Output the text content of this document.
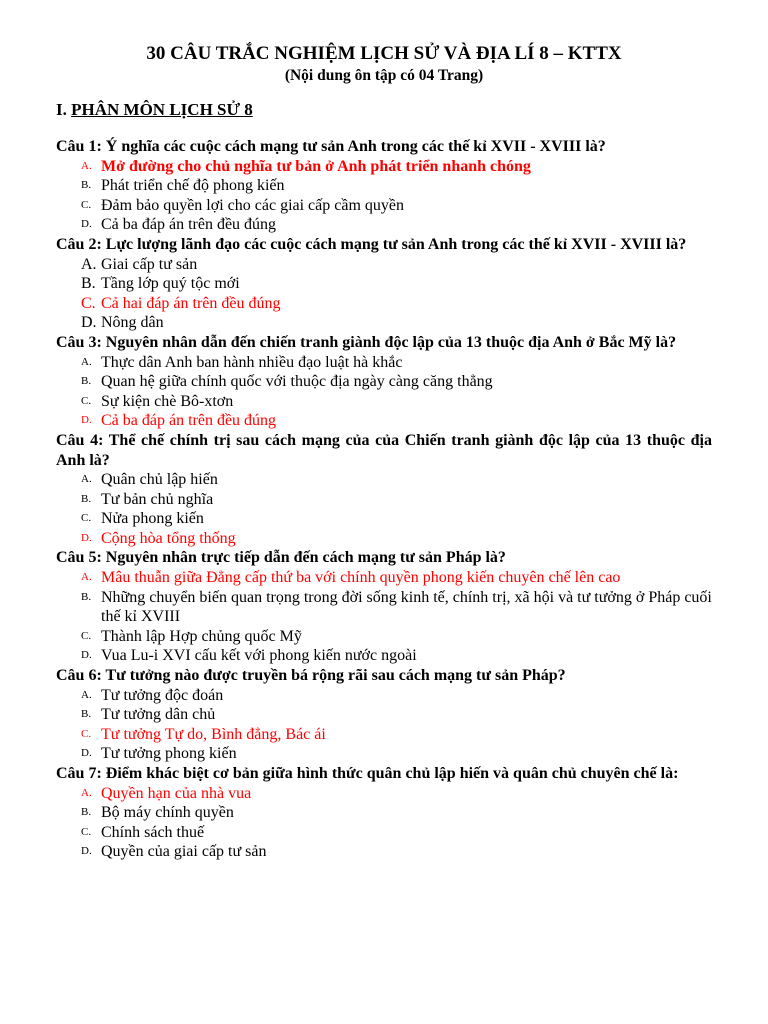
30 CÂU TRẮC NGHIỆM LỊCH SỬ VÀ ĐỊA LÍ 8 – KTTX
(Nội dung ôn tập có 04 Trang)
I. PHÂN MÔN LỊCH SỬ 8
Câu 1: Ý nghĩa các cuộc cách mạng tư sản Anh trong các thế kỉ XVII - XVIII là?
A. Mở đường cho chủ nghĩa tư bản ở Anh phát triển nhanh chóng
B. Phát triển chế độ phong kiến
C. Đảm bảo quyền lợi cho các giai cấp cầm quyền
D. Cả ba đáp án trên đều đúng
Câu 2: Lực lượng lãnh đạo các cuộc cách mạng tư sản Anh trong các thế kỉ XVII - XVIII là?
A. Giai cấp tư sản
B. Tầng lớp quý tộc mới
C. Cả hai đáp án trên đều đúng
D. Nông dân
Câu 3: Nguyên nhân dẫn đến chiến tranh giành độc lập của 13 thuộc địa Anh ở Bắc Mỹ là?
A. Thực dân Anh ban hành nhiều đạo luật hà khắc
B. Quan hệ giữa chính quốc với thuộc địa ngày càng căng thẳng
C. Sự kiện chè Bô-xtơn
D. Cả ba đáp án trên đều đúng
Câu 4: Thể chế chính trị sau cách mạng của của Chiến tranh giành độc lập của 13 thuộc địa Anh là?
A. Quân chủ lập hiến
B. Tư bản chủ nghĩa
C. Nửa phong kiến
D. Cộng hòa tổng thống
Câu 5: Nguyên nhân trực tiếp dẫn đến cách mạng tư sản Pháp là?
A. Mâu thuẫn giữa Đẳng cấp thứ ba với chính quyền phong kiến chuyên chế lên cao
B. Những chuyển biến quan trọng trong đời sống kinh tế, chính trị, xã hội và tư tưởng ở Pháp cuối thế kỉ XVIII
C. Thành lập Hợp chủng quốc Mỹ
D. Vua Lu-i XVI cấu kết với phong kiến nước ngoài
Câu 6: Tư tưởng nào được truyền bá rộng rãi sau cách mạng tư sản Pháp?
A. Tư tưởng độc đoán
B. Tư tưởng dân chủ
C. Tư tưởng Tự do, Bình đẳng, Bác ái
D. Tư tưởng phong kiến
Câu 7: Điểm khác biệt cơ bản giữa hình thức quân chủ lập hiến và quân chủ chuyên chế là:
A. Quyền hạn của nhà vua
B. Bộ máy chính quyền
C. Chính sách thuế
D. Quyền của giai cấp tư sản
